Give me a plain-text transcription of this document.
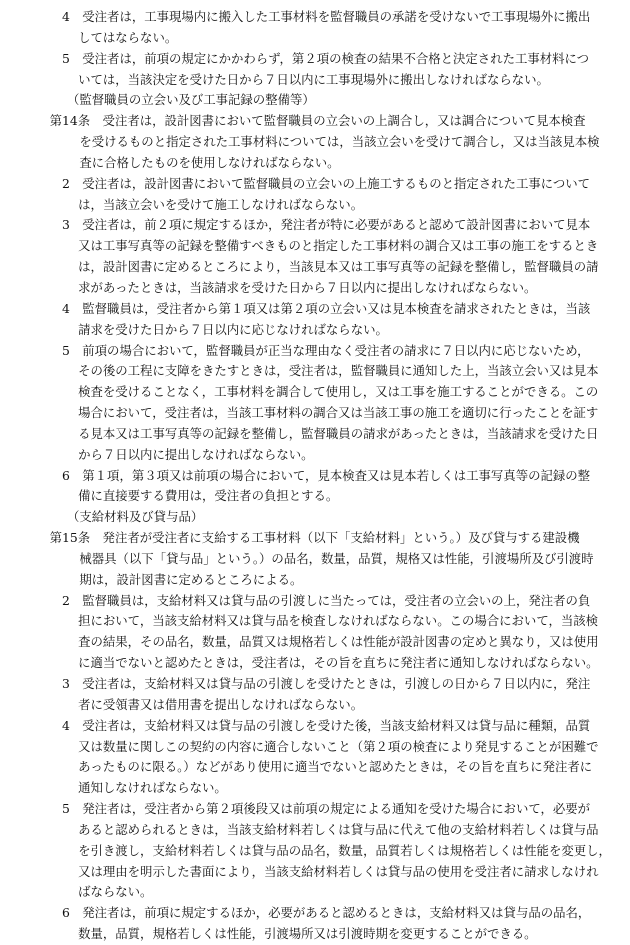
4　受注者は，工事現場内に搬入した工事材料を監督職員の承諾を受けないで工事現場外に搬出
してはならない。
5　受注者は，前項の規定にかかわらず，第２項の検査の結果不合格と決定された工事材料につ
いては，当該決定を受けた日から７日以内に工事現場外に搬出しなければならない。
（監督職員の立会い及び工事記録の整備等）
第14条　受注者は，設計図書において監督職員の立会いの上調合し，又は調合について見本検査
を受けるものと指定された工事材料については，当該立会いを受けて調合し，又は当該見本検
査に合格したものを使用しなければならない。
2　受注者は，設計図書において監督職員の立会いの上施工するものと指定された工事について
は，当該立会いを受けて施工しなければならない。
3　受注者は，前２項に規定するほか，発注者が特に必要があると認めて設計図書において見本
又は工事写真等の記録を整備すべきものと指定した工事材料の調合又は工事の施工をするとき
は，設計図書に定めるところにより，当該見本又は工事写真等の記録を整備し，監督職員の請
求があったときは，当該請求を受けた日から７日以内に提出しなければならない。
4　監督職員は，受注者から第１項又は第２項の立会い又は見本検査を請求されたときは，当該
請求を受けた日から７日以内に応じなければならない。
5　前項の場合において，監督職員が正当な理由なく受注者の請求に７日以内に応じないため，
その後の工程に支障をきたすときは，受注者は，監督職員に通知した上，当該立会い又は見本
検査を受けることなく，工事材料を調合して使用し，又は工事を施工することができる。この
場合において，受注者は，当該工事材料の調合又は当該工事の施工を適切に行ったことを証す
る見本又は工事写真等の記録を整備し，監督職員の請求があったときは，当該請求を受けた日
から７日以内に提出しなければならない。
6　第１項，第３項又は前項の場合において，見本検査又は見本若しくは工事写真等の記録の整
備に直接要する費用は，受注者の負担とする。
（支給材料及び貸与品）
第15条　発注者が受注者に支給する工事材料（以下「支給材料」という。）及び貸与する建設機
械器具（以下「貸与品」という。）の品名，数量，品質，規格又は性能，引渡場所及び引渡時
期は，設計図書に定めるところによる。
2　監督職員は，支給材料又は貸与品の引渡しに当たっては，受注者の立会いの上，発注者の負
担において，当該支給材料又は貸与品を検査しなければならない。この場合において，当該検
査の結果，その品名，数量，品質又は規格若しくは性能が設計図書の定めと異なり，又は使用
に適当でないと認めたときは，受注者は，その旨を直ちに発注者に通知しなければならない。
3　受注者は，支給材料又は貸与品の引渡しを受けたときは，引渡しの日から７日以内に，発注
者に受領書又は借用書を提出しなければならない。
4　受注者は，支給材料又は貸与品の引渡しを受けた後，当該支給材料又は貸与品に種類，品質
又は数量に関しこの契約の内容に適合しないこと（第２項の検査により発見することが困難で
あったものに限る。）などがあり使用に適当でないと認めたときは，その旨を直ちに発注者に
通知しなければならない。
5　発注者は，受注者から第２項後段又は前項の規定による通知を受けた場合において，必要が
あると認められるときは，当該支給材料若しくは貸与品に代えて他の支給材料若しくは貸与品
を引き渡し，支給材料若しくは貸与品の品名，数量，品質若しくは規格若しくは性能を変更し，
又は理由を明示した書面により，当該支給材料若しくは貸与品の使用を受注者に請求しなけれ
ばならない。
6　発注者は，前項に規定するほか，必要があると認めるときは，支給材料又は貸与品の品名，
数量，品質，規格若しくは性能，引渡場所又は引渡時期を変更することができる。
